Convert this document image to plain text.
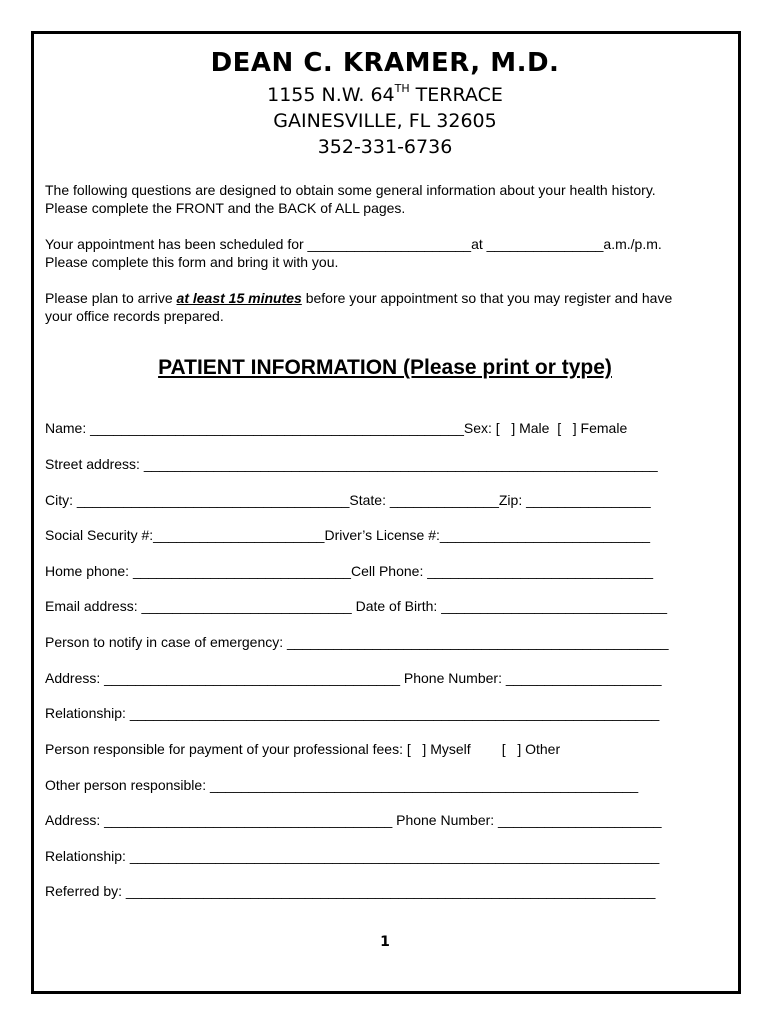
DEAN C. KRAMER, M.D.
1155 N.W. 64TH TERRACE
GAINESVILLE, FL 32605
352-331-6736
The following questions are designed to obtain some general information about your health history.
Please complete the FRONT and the BACK of ALL pages.
Your appointment has been scheduled for _____________________at _______________a.m./p.m.
Please complete this form and bring it with you.
Please plan to arrive at least 15 minutes before your appointment so that you may register and have
your office records prepared.
PATIENT INFORMATION (Please print or type)
Name: ________________________________________________Sex: [   ] Male  [   ] Female
Street address: __________________________________________________________________
City: ___________________________________State: ______________Zip: ________________
Social Security #:______________________Driver’s License #:___________________________
Home phone: ____________________________Cell Phone: _____________________________
Email address: ___________________________ Date of Birth: _____________________________
Person to notify in case of emergency: _________________________________________________
Address: ______________________________________ Phone Number: ____________________
Relationship: ____________________________________________________________________
Person responsible for payment of your professional fees: [   ] Myself        [   ] Other
Other person responsible: _______________________________________________________
Address: _____________________________________ Phone Number: _____________________
Relationship: ____________________________________________________________________
Referred by: ____________________________________________________________________
1
